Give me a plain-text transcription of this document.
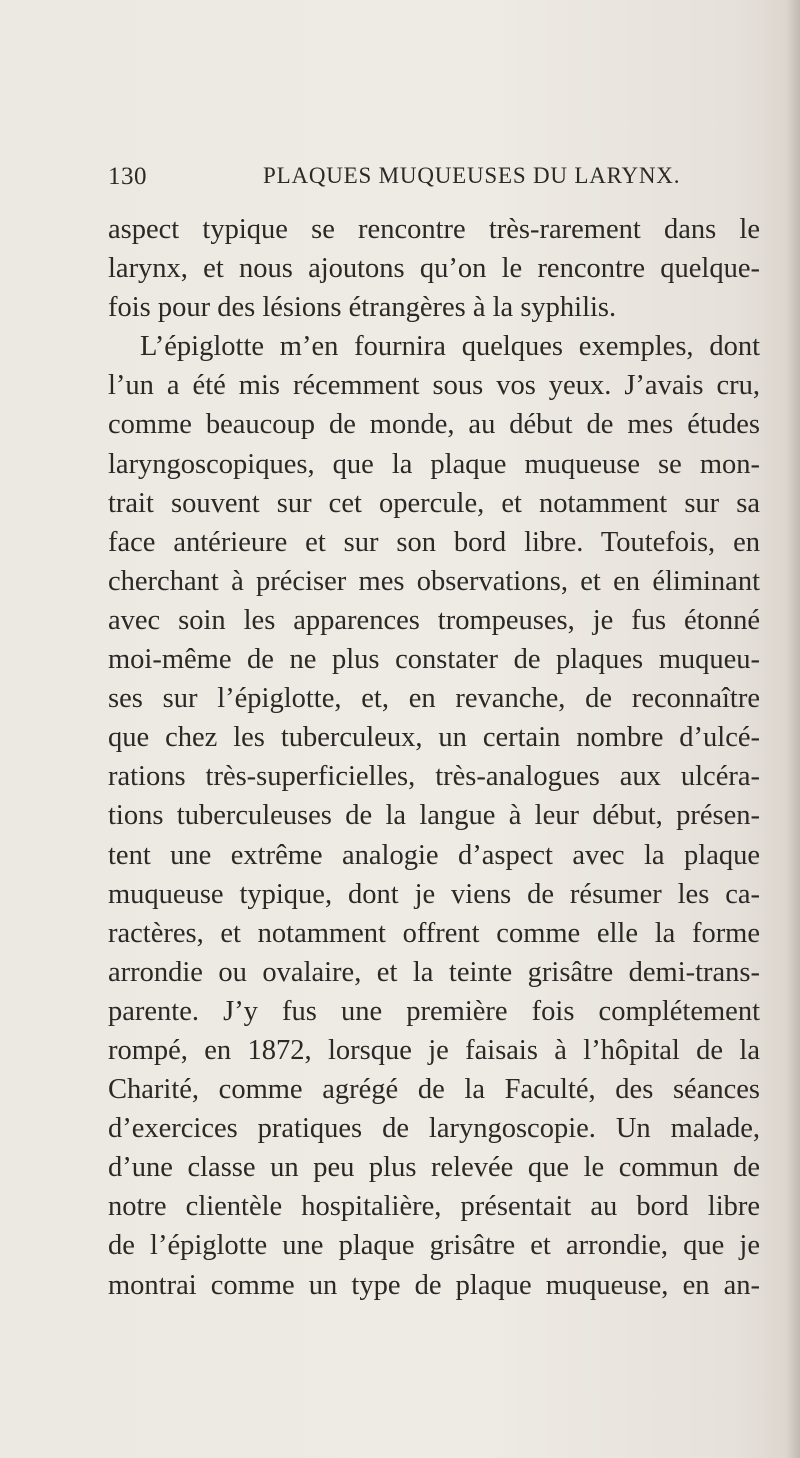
130	PLAQUES MUQUEUSES DU LARYNX.
aspect typique se rencontre très-rarement dans le
larynx, et nous ajoutons qu’on le rencontre quelque-
fois pour des lésions étrangères à la syphilis.
L’épiglotte m’en fournira quelques exemples, dont
l’un a été mis récemment sous vos yeux. J’avais cru,
comme beaucoup de monde, au début de mes études
laryngoscopiques, que la plaque muqueuse se mon-
trait souvent sur cet opercule, et notamment sur sa
face antérieure et sur son bord libre. Toutefois, en
cherchant à préciser mes observations, et en éliminant
avec soin les apparences trompeuses, je fus étonné
moi-même de ne plus constater de plaques muqueu-
ses sur l’épiglotte, et, en revanche, de reconnaître
que chez les tuberculeux, un certain nombre d’ulcé-
rations très-superficielles, très-analogues aux ulcéra-
tions tuberculeuses de la langue à leur début, présen-
tent une extrême analogie d’aspect avec la plaque
muqueuse typique, dont je viens de résumer les ca-
ractères, et notamment offrent comme elle la forme
arrondie ou ovalaire, et la teinte grisâtre demi-trans-
parente. J’y fus une première fois complétement
rompé, en 1872, lorsque je faisais à l’hôpital de la
Charité, comme agrégé de la Faculté, des séances
d’exercices pratiques de laryngoscopie. Un malade,
d’une classe un peu plus relevée que le commun de
notre clientèle hospitalière, présentait au bord libre
de l’épiglotte une plaque grisâtre et arrondie, que je
montrai comme un type de plaque muqueuse, en an-
